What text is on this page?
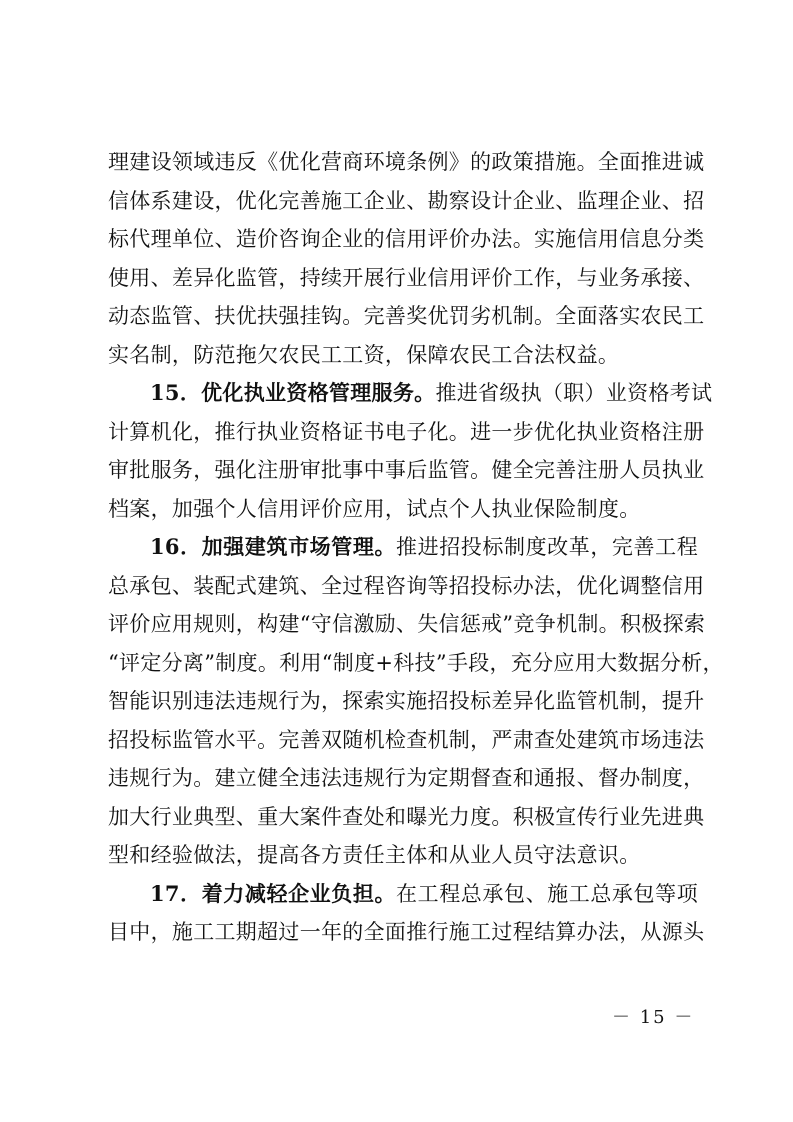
理建设领域违反《优化营商环境条例》的政策措施。全面推进诚
信体系建设，优化完善施工企业、勘察设计企业、监理企业、招
标代理单位、造价咨询企业的信用评价办法。实施信用信息分类
使用、差异化监管，持续开展行业信用评价工作，与业务承接、
动态监管、扶优扶强挂钩。完善奖优罚劣机制。全面落实农民工
实名制，防范拖欠农民工工资，保障农民工合法权益。
15．优化执业资格管理服务。推进省级执（职）业资格考试
计算机化，推行执业资格证书电子化。进一步优化执业资格注册
审批服务，强化注册审批事中事后监管。健全完善注册人员执业
档案，加强个人信用评价应用，试点个人执业保险制度。
16．加强建筑市场管理。推进招投标制度改革，完善工程
总承包、装配式建筑、全过程咨询等招投标办法，优化调整信用
评价应用规则，构建“守信激励、失信惩戒”竞争机制。积极探索
“评定分离”制度。利用“制度+科技”手段，充分应用大数据分析，
智能识别违法违规行为，探索实施招投标差异化监管机制，提升
招投标监管水平。完善双随机检查机制，严肃查处建筑市场违法
违规行为。建立健全违法违规行为定期督查和通报、督办制度，
加大行业典型、重大案件查处和曝光力度。积极宣传行业先进典
型和经验做法，提高各方责任主体和从业人员守法意识。
17．着力减轻企业负担。在工程总承包、施工总承包等项
目中，施工工期超过一年的全面推行施工过程结算办法，从源头
－ 15 －
